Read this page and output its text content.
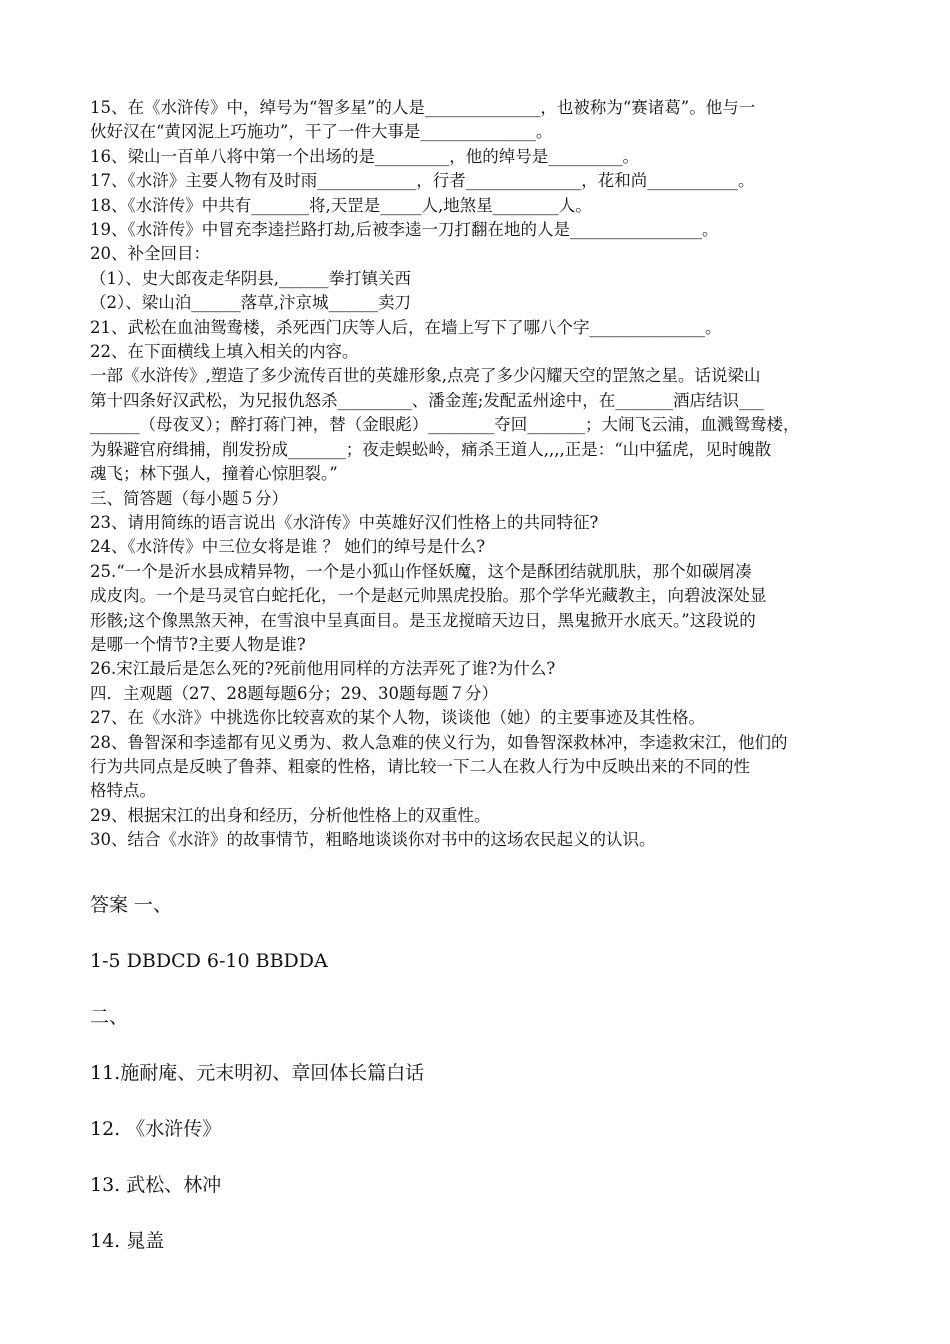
15、在《水浒传》中，绰号为“智多星”的人是______________，也被称为“赛诸葛”。他与一

伙好汉在“黄冈泥上巧施功”，干了一件大事是______________。

16、梁山一百单八将中第一个出场的是_________，他的绰号是_________。

17、《水浒》主要人物有及时雨____________，行者______________，花和尚___________。

18、《水浒传》中共有_______将,天罡是_____人,地煞星________人。

19、《水浒传》中冒充李逵拦路打劫,后被李逵一刀打翻在地的人是________________。

20、补全回目：

（1）、史大郎夜走华阴县,______拳打镇关西

（2）、梁山泊______落草,汴京城______卖刀

21、武松在血油鸳鸯楼，杀死西门庆等人后，在墙上写下了哪八个字______________。

22、在下面横线上填入相关的内容。

一部《水浒传》,塑造了多少流传百世的英雄形象,点亮了多少闪耀天空的罡煞之星。话说梁山

第十四条好汉武松，为兄报仇怒杀_________、潘金莲;发配孟州途中，在_______酒店结识___

______（母夜叉）；醉打蒋门神，替（金眼彪）________夺回_______；大闹飞云浦，血溅鸳鸯楼，

为躲避官府缉捕，削发扮成_______；夜走蜈蚣岭，痛杀王道人,,,,正是：“山中猛虎，见时魄散

魂飞；林下强人，撞着心惊胆裂。”

三、简答题（每小题５分）

23、请用简练的语言说出《水浒传》中英雄好汉们性格上的共同特征?

24、《水浒传》中三位女将是谁 ？ 她们的绰号是什么?

25.“一个是沂水县成精异物，一个是小狐山作怪妖魔，这个是酥团结就肌肤，那个如碳屑凑

成皮肉。一个是马灵官白蛇托化，一个是赵元帅黑虎投胎。那个学华光藏教主，向碧波深处显

形骸;这个像黑煞天神，在雪浪中呈真面目。是玉龙搅暗天边日，黑鬼掀开水底天。”这段说的

是哪一个情节?主要人物是谁?

26.宋江最后是怎么死的?死前他用同样的方法弄死了谁?为什么?

四．主观题（27、28题每题6分；29、30题每题７分）

27、在《水浒》中挑选你比较喜欢的某个人物，谈谈他（她）的主要事迹及其性格。

28、鲁智深和李逵都有见义勇为、救人急难的侠义行为，如鲁智深救林冲，李逵救宋江，他们的

行为共同点是反映了鲁莽、粗豪的性格，请比较一下二人在救人行为中反映出来的不同的性

格特点。

29、根据宋江的出身和经历，分析他性格上的双重性。

30、结合《水浒》的故事情节，粗略地谈谈你对书中的这场农民起义的认识。

答案 一、

1-5 DBDCD 6-10 BBDDA

二、

11.施耐庵、元末明初、章回体长篇白话

12. 《水浒传》

13. 武松、林冲

14. 晁盖
